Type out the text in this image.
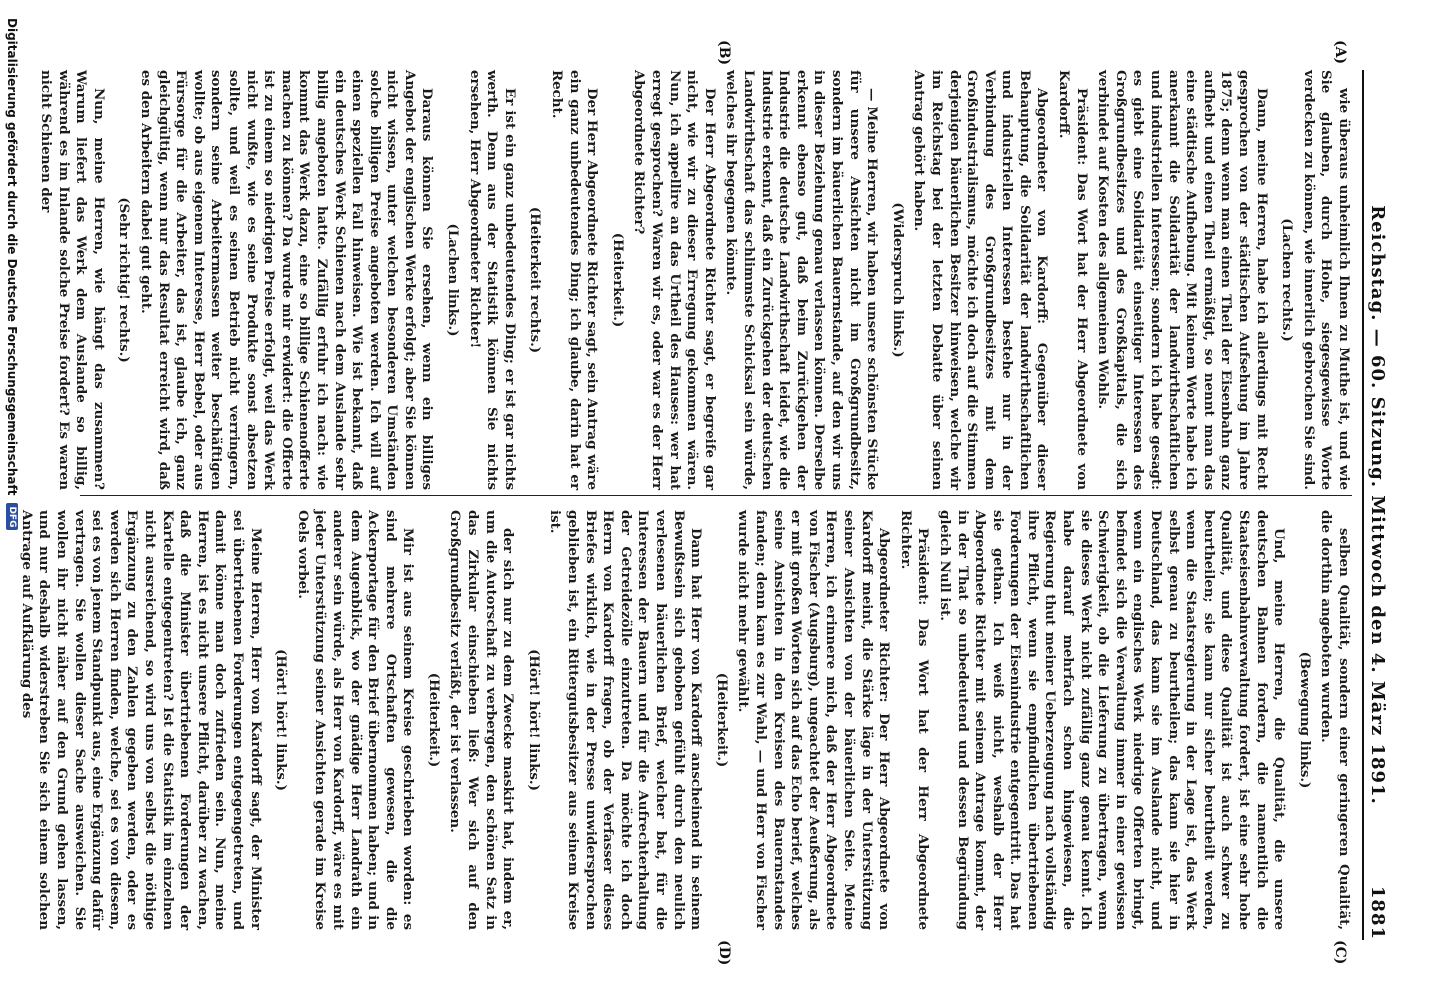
Reichstag. — 60. Sitzung. Mittwoch den 4. März 1891.
1881
(A)
(B)
(C)
(D)

wie überaus unheimlich Ihnen zu Muthe ist, und wie Sie glauben, durch Hohe, siegesgewisse Worte verdecken zu können, wie innerlich gebrochen Sie sind.

(Lachen rechts.)

Dann, meine Herren, habe ich allerdings mit Recht gesprochen von der städtischen Aufsehung im Jahre 1875; denn wenn man einen Theil der Eisenbahn ganz aufhebt und einen Theil ermäßigt, so nennt man das eine städtische Aufhebung. Mit keinem Worte habe ich anerkannt die Solidarität der landwirthschaftlichen und industriellen Interessen; sondern ich habe gesagt: es giebt eine Solidarität einseitiger Interessen des Großgrundbesitzes und des Großkapitals, die sich verbindet auf Kosten des allgemeinen Wohls.

Präsident: Das Wort hat der Herr Abgeordnete von Kardorff.

Abgeordneter von Kardorff: Gegenüber dieser Behauptung, die Solidarität der landwirthschaftlichen und industriellen Interessen bestehe nur in der Verbindung des Großgrundbesitzes mit dem Großindustrialismus, möchte ich doch auf die Stimmen derjenigen bäuerlichen Besitzer hinweisen, welche wir im Reichstag bei der letzten Debatte über seinen Antrag gehört haben.

(Widerspruch links.)

— Meine Herren, wir haben unsere schönsten Stücke für unsere Ansichten nicht im Großgrundbesitz, sondern im bäuerlichen Bauernstande, auf den wir uns in dieser Beziehung genau verlassen können. Derselbe erkennt ebenso gut, daß beim Zurückgehen der Industrie die deutsche Landwirthschaft leidet, wie die Industrie erkennt, daß ein Zurückgehen der deutschen Landwirthschaft das schlimmste Schicksal sein würde, welches ihr begegnen könnte.

Der Herr Abgeordnete Richter sagt, er begreife gar nicht, wie wir zu dieser Erregung gekommen wären. Nun, ich appellire an das Urtheil des Hauses: wer hat erregt gesprochen? Waren wir es, oder war es der Herr Abgeordnete Richter?

(Heiterkeit.)

Der Herr Abgeordnete Richter sagt, sein Antrag wäre ein ganz unbedeutendes Ding; ich glaube, darin hat er Recht.

(Heiterkeit rechts.)

Er ist ein ganz unbedeutendes Ding; er ist gar nichts werth. Denn aus der Statistik können Sie nichts ersehen, Herr Abgeordneter Richter!

(Lachen links.)

Daraus können Sie ersehen, wenn ein billiges Angebot der englischen Werke erfolgt; aber Sie können nicht wissen, unter welchen besonderen Umständen solche billigen Preise angeboten werden. Ich will auf einen speziellen Fall hinweisen. Wie ist bekannt, daß ein deutsches Werk Schienen nach dem Auslande sehr billig angeboten hatte. Zufällig erfuhr ich nach: wie kommt das Werk dazu, eine so billige Schienenofferte machen zu können? Da wurde mir erwidert: die Offerte ist zu einem so niedrigen Preise erfolgt, weil das Werk nicht wußte, wie es seine Produkte sonst absetzen sollte, und weil es seinen Betrieb nicht verringern, sondern seine Arbeitermassen weiter beschäftigen wollte; ob aus eigenem Interesse, Herr Bebel, oder aus Fürsorge für die Arbeiter, das ist, glaube ich, ganz gleichgültig, wenn nur das Resultat erreicht wird, daß es den Arbeitern dabei gut geht.

(Sehr richtig! rechts.)

Nun, meine Herren, wie hängt das zusammen? Warum liefert das Werk dem Auslande so billig, während es im Inlande solche Preise fordert? Es waren nicht Schienen der

selben Qualität, sondern einer geringeren Qualität, die dorthin angeboten wurden.

(Bewegung links.)

Und, meine Herren, die Qualität, die unsere deutschen Bahnen fordern, die namentlich die Staatseisenbahnverwaltung fordert, ist eine sehr hohe Qualität, und diese Qualität ist auch schwer zu beurtheilen; sie kann nur sicher beurtheilt werden, wenn die Staatsregierung in der Lage ist, das Werk selbst genau zu beurtheilen; das kann sie hier in Deutschland, das kann sie im Auslande nicht, und wenn ein englisches Werk niedrige Offerten bringt, befindet sich die Verwaltung immer in einer gewissen Schwierigkeit, ob die Lieferung zu übertragen, wenn sie dieses Werk nicht zufällig ganz genau kennt. Ich habe darauf mehrfach schon hingewiesen, die Regierung thut meiner Ueberzeugung nach vollständig ihre Pflicht, wenn sie empfindlichen übertriebenen Forderungen der Eisenindustrie entgegentritt. Das hat sie gethan. Ich weiß nicht, weshalb der Herr Abgeordnete Richter mit seinem Antrage kommt, der in der That so unbedeutend und dessen Begründung gleich Null ist.

Präsident: Das Wort hat der Herr Abgeordnete Richter.

Abgeordneter Richter: Der Herr Abgeordnete von Kardorff meint, die Stärke läge in der Unterstützung seiner Ansichten von der bäuerlichen Seite. Meine Herren, ich erinnere mich, daß der Herr Abgeordnete von Fischer (Augsburg), ungeachtet der Aeußerung, als er mit großen Worten sich auf das Echo berief, welches seine Ansichten in den Kreisen des Bauernstandes fanden; denn kam es zur Wahl, — und Herr von Fischer wurde nicht mehr gewählt.

(Heiterkeit.)

Dann hat Herr von Kardorff anscheinend in seinem Bewußtsein sich gehoben gefühlt durch den neulich verlesenen bäuerlichen Brief, welcher bat, für die Interessen der Bauern und für die Aufrechterhaltung der Getreidezölle einzutreten. Da möchte ich doch Herrn von Kardorff fragen, ob der Verfasser dieses Briefes wirklich, wie in der Presse unwidersprochen geblieben ist, ein Rittergutsbesitzer aus seinem Kreise ist.

(Hört! hört! links.)

der sich nur zu dem Zwecke maskirt hat, indem er, um die Autorschaft zu verbergen, den schönen Satz in das Zirkular einschieben ließ: Wer sich auf den Großgrundbesitz verläßt, der ist verlassen.

(Heiterkeit.)

Mir ist aus seinem Kreise geschrieben worden: es sind mehrere Ortschaften gewesen, die die Ackerportage für den Brief übernommen haben; und in dem Augenblick, wo der gnädige Herr Landrath ein anderer sein würde, als Herr von Kardorff, wäre es mit jeder Unterstützung seiner Ansichten gerade im Kreise Oels vorbei.

(Hört! hört! links.)

Meine Herren, Herr von Kardorff sagt, der Minister sei übertriebenen Forderungen entgegengetreten, und damit könne man doch zufrieden sein. Nun, meine Herren, ist es nicht unsere Pflicht, darüber zu wachen, daß die Minister übertriebenen Forderungen der Kartelle entgegentreten? Ist die Statistik im einzelnen nicht ausreichend, so wird uns von selbst die nöthige Ergänzung zu den Zahlen gegeben werden, oder es werden sich Herren finden, welche, sei es von diesem, sei es von jenem Standpunkt aus, eine Ergänzung dafür vertragen. Sie wollen dieser Sache ausweichen. Sie wollen ihr nicht näher auf den Grund gehen lassen, und nur deshalb widerstreben Sie sich einem solchen Antrage auf Aufklärung des

Digitalisierung gefördert durch die Deutsche Forschungsgemeinschaft
DFG
